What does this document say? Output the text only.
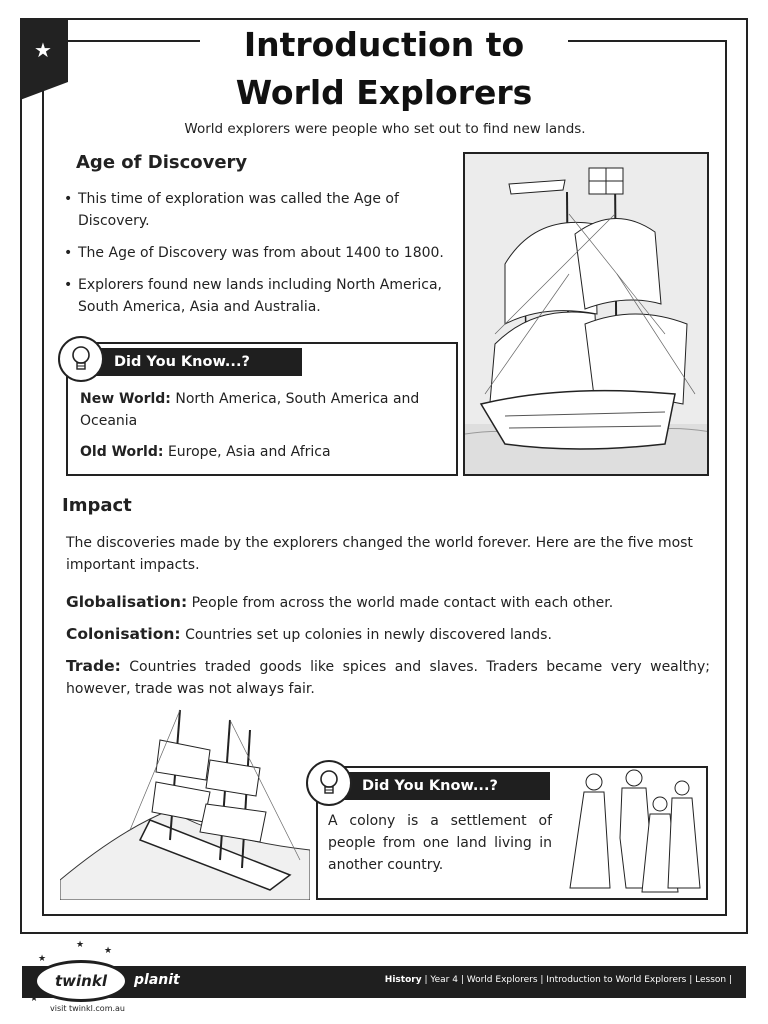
★	Introduction to
World Explorers
World explorers were people who set out to find new lands.
Age of Discovery
• This time of exploration was called the Age of Discovery.
• The Age of Discovery was from about 1400 to 1800.
• Explorers found new lands including North America, South America, Asia and Australia.
Did You Know...?
New World: North America, South America and Oceania
Old World: Europe, Asia and Africa
Impact
The discoveries made by the explorers changed the world forever. Here are the five most important impacts.
Globalisation: People from across the world made contact with each other.
Colonisation: Countries set up colonies in newly discovered lands.
Trade: Countries traded goods like spices and slaves. Traders became very wealthy; however, trade was not always fair.
Did You Know...?
A colony is a settlement of people from one land living in another country.
History | Year 4 | World Explorers | Introduction to World Explorers | Lesson |
twinkl planit
visit twinkl.com.au
★
★
★
★
